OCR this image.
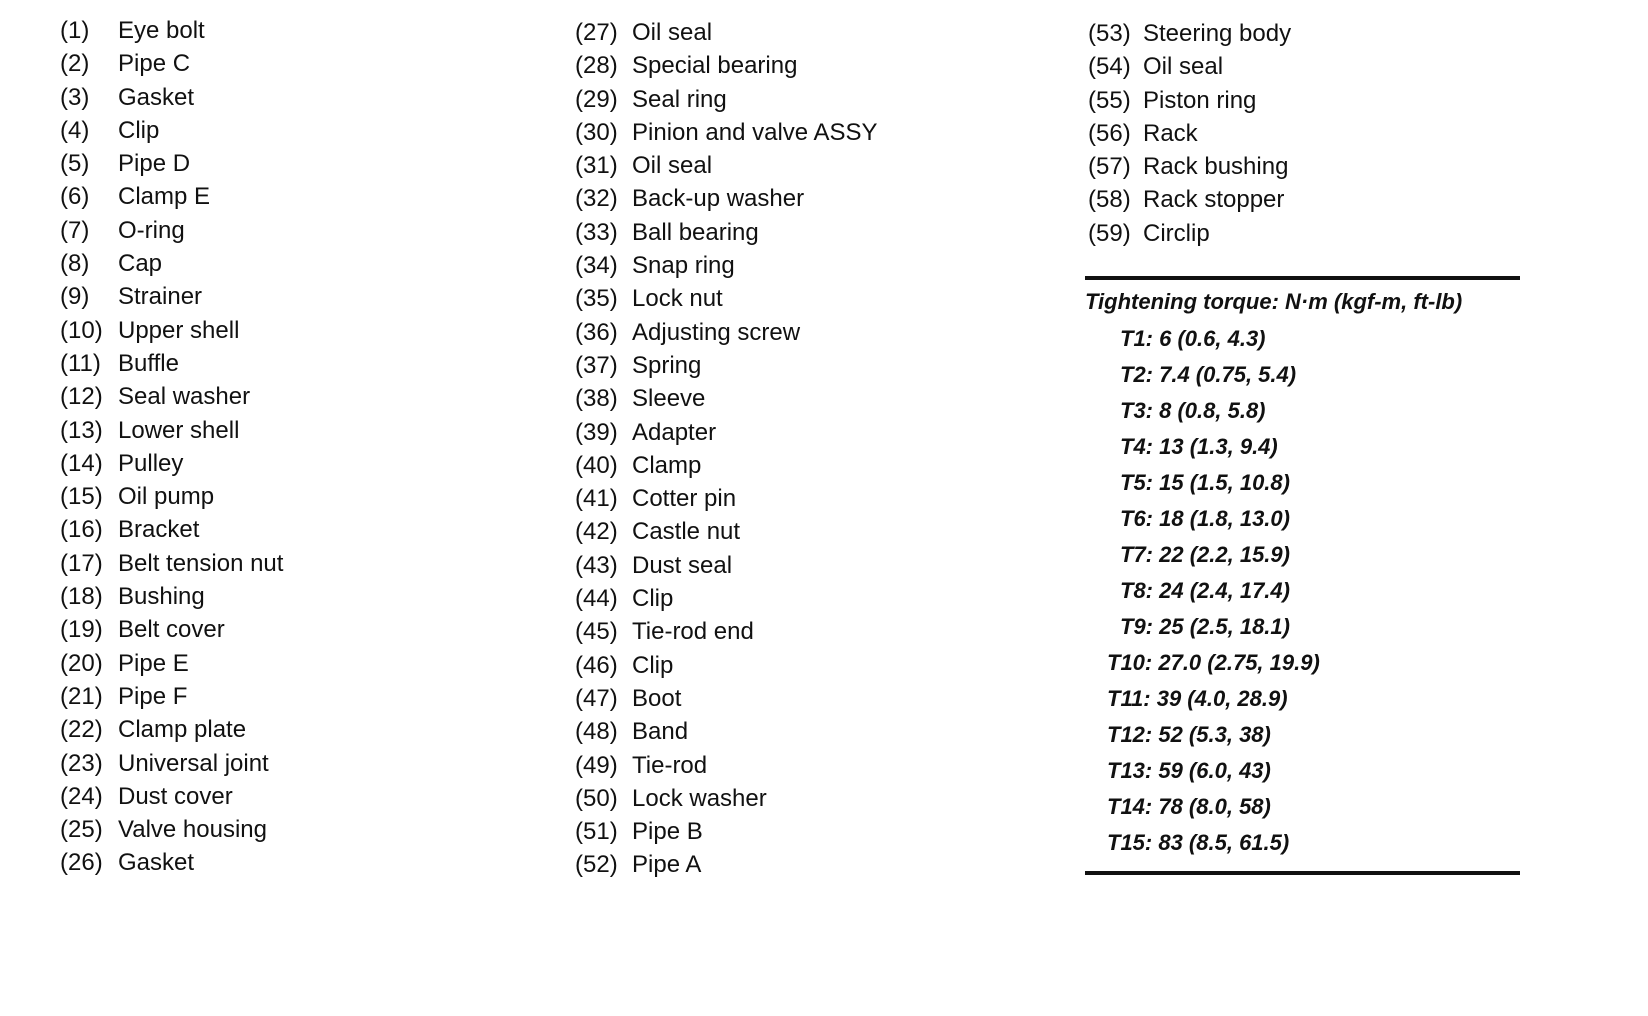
(1)	Eye bolt
(2)	Pipe C
(3)	Gasket
(4)	Clip
(5)	Pipe D
(6)	Clamp E
(7)	O-ring
(8)	Cap
(9)	Strainer
(10) Upper shell
(11) Buffle
(12) Seal washer
(13) Lower shell
(14) Pulley
(15) Oil pump
(16) Bracket
(17) Belt tension nut
(18) Bushing
(19) Belt cover
(20) Pipe E
(21) Pipe F
(22) Clamp plate
(23) Universal joint
(24) Dust cover
(25) Valve housing
(26) Gasket
(27) Oil seal
(28) Special bearing
(29) Seal ring
(30) Pinion and valve ASSY
(31) Oil seal
(32) Back-up washer
(33) Ball bearing
(34) Snap ring
(35) Lock nut
(36) Adjusting screw
(37) Spring
(38) Sleeve
(39) Adapter
(40) Clamp
(41) Cotter pin
(42) Castle nut
(43) Dust seal
(44) Clip
(45) Tie-rod end
(46) Clip
(47) Boot
(48) Band
(49) Tie-rod
(50) Lock washer
(51) Pipe B
(52) Pipe A
(53) Steering body
(54) Oil seal
(55) Piston ring
(56) Rack
(57) Rack bushing
(58) Rack stopper
(59) Circlip
Tightening torque: N·m (kgf-m, ft-lb)
T1: 6 (0.6, 4.3)
T2: 7.4 (0.75, 5.4)
T3: 8 (0.8, 5.8)
T4: 13 (1.3, 9.4)
T5: 15 (1.5, 10.8)
T6: 18 (1.8, 13.0)
T7: 22 (2.2, 15.9)
T8: 24 (2.4, 17.4)
T9: 25 (2.5, 18.1)
T10: 27.0 (2.75, 19.9)
T11: 39 (4.0, 28.9)
T12: 52 (5.3, 38)
T13: 59 (6.0, 43)
T14: 78 (8.0, 58)
T15: 83 (8.5, 61.5)
